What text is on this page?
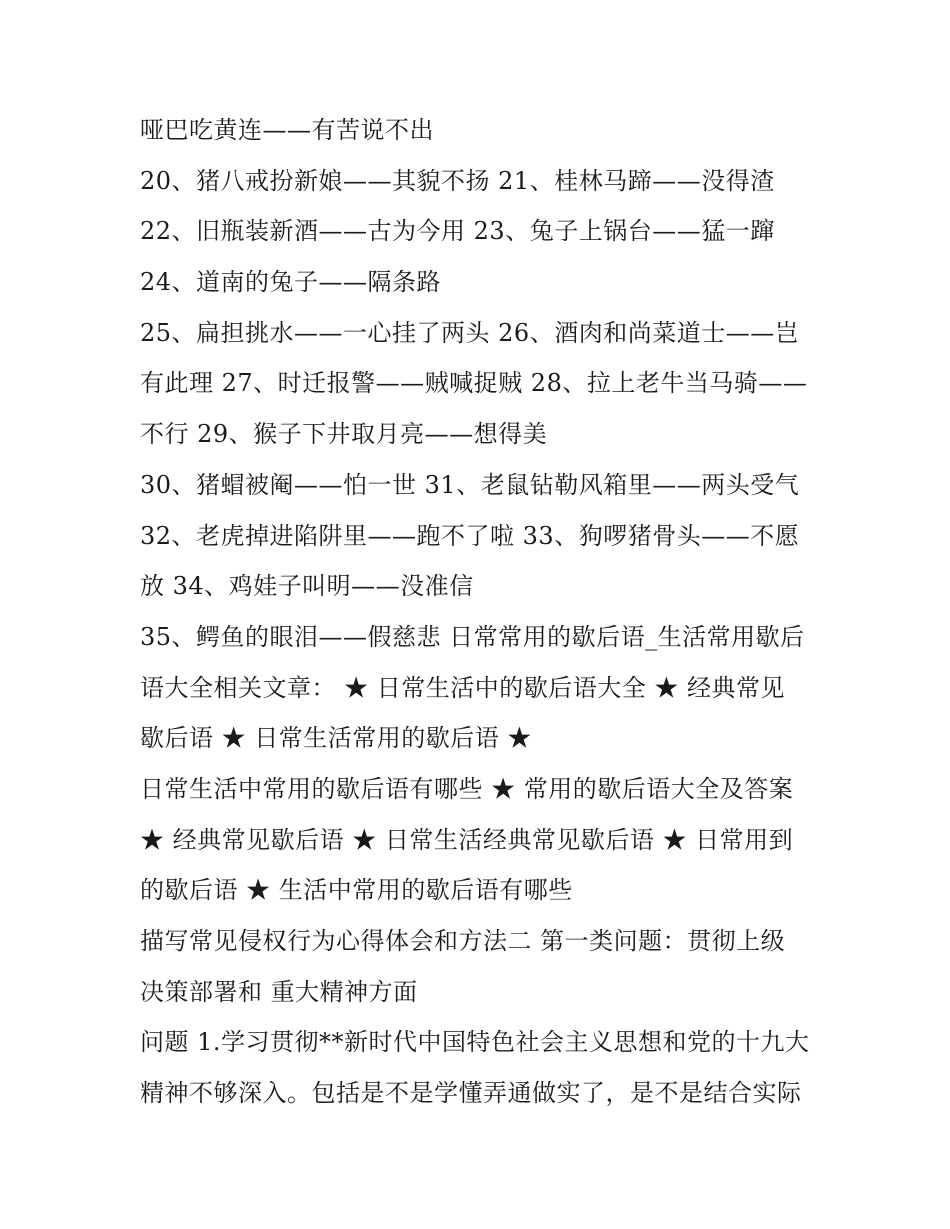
哑巴吃黄连——有苦说不出
20、猪八戒扮新娘——其貌不扬 21、桂林马蹄——没得渣
22、旧瓶装新酒——古为今用 23、兔子上锅台——猛一蹿
24、道南的兔子——隔条路
25、扁担挑水——一心挂了两头 26、酒肉和尚菜道士——岂
有此理 27、时迁报警——贼喊捉贼 28、拉上老牛当马骑——
不行 29、猴子下井取月亮——想得美
30、猪蝐被阉——怕一世 31、老鼠钻勒风箱里——两头受气
32、老虎掉进陷阱里——跑不了啦 33、狗啰猪骨头——不愿
放 34、鸡娃子叫明——没准信
35、鳄鱼的眼泪——假慈悲 日常常用的歇后语_生活常用歇后
语大全相关文章： ★ 日常生活中的歇后语大全 ★ 经典常见
歇后语 ★ 日常生活常用的歇后语 ★
日常生活中常用的歇后语有哪些 ★ 常用的歇后语大全及答案
★ 经典常见歇后语 ★ 日常生活经典常见歇后语 ★ 日常用到
的歇后语 ★ 生活中常用的歇后语有哪些
描写常见侵权行为心得体会和方法二 第一类问题：贯彻上级
决策部署和 重大精神方面
问题 1.学习贯彻**新时代中国特色社会主义思想和党的十九大
精神不够深入。包括是不是学懂弄通做实了，是不是结合实际
